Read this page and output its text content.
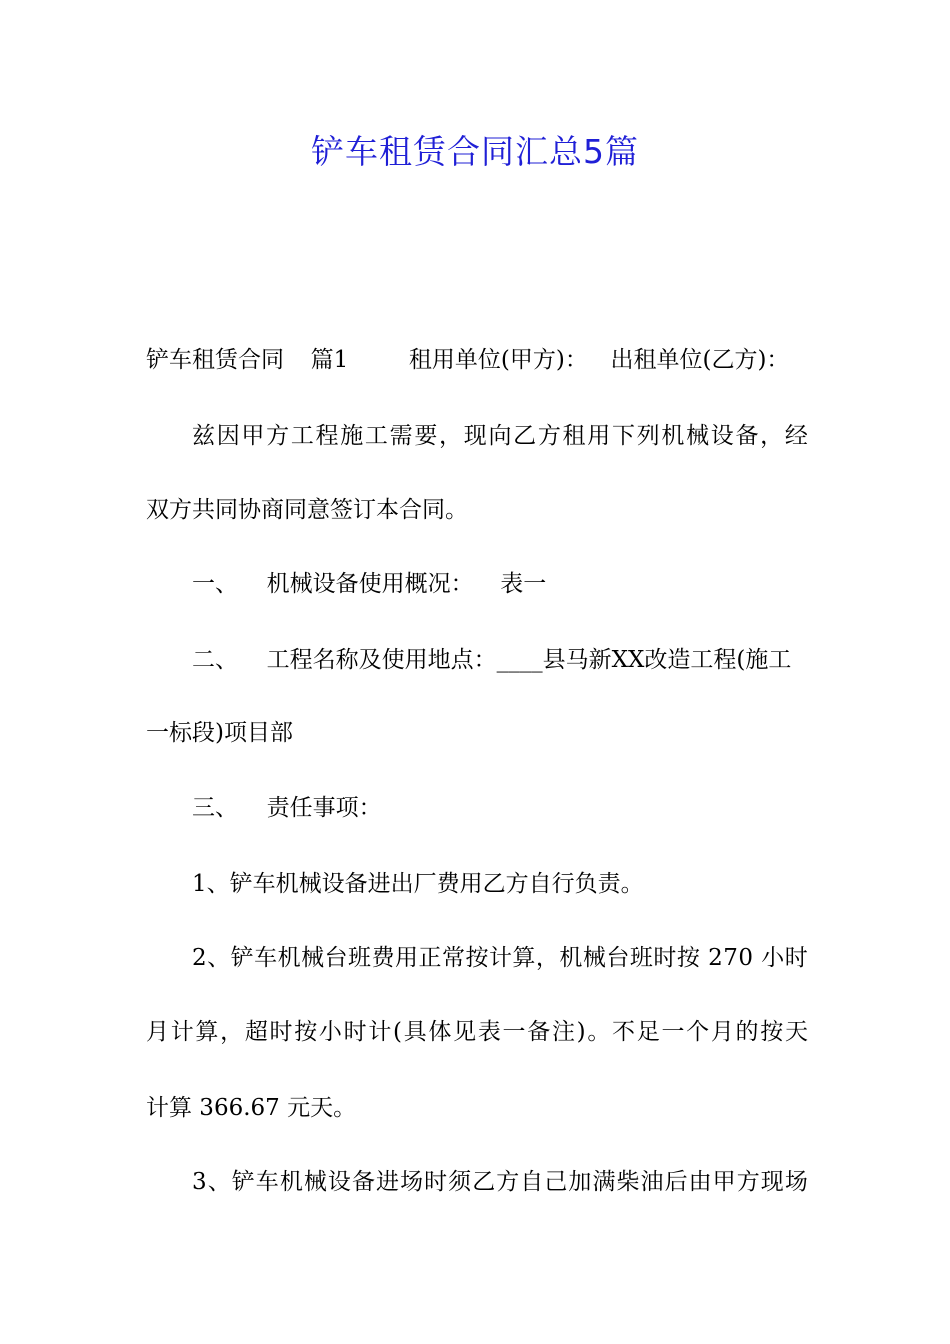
铲车租赁合同汇总5篇
铲车租赁合同 篇1	租用单位(甲方)： 出租单位(乙方)：
兹 因 甲 方 工 程 施 工 需 要 ， 现 向 乙 方 租 用 下 列 机 械 设 备 ， 经
双方共同协商同意签订本合同。
一、 机械设备使用概况： 表一
二、 工程名称及使用地点：____县马新XX改造工程(施工
一标段)项目部
三、 责任事项：
1、铲车机械设备进出厂费用乙方自行负责。
2 、 铲 车 机 械 台 班 费 用 正 常 按 计 算 ， 机 械 台 班 时 按
2 7 0
小 时
月 计 算 ， 超 时 按 小 时 计 ( 具 体 见 表 一 备 注 ) 。 不 足 一 个 月 的 按 天
计算 366.67 元天。
3 、 铲 车 机 械 设 备 进 场 时 须 乙 方 自 己 加 满 柴 油 后 由 甲 方 现 场
